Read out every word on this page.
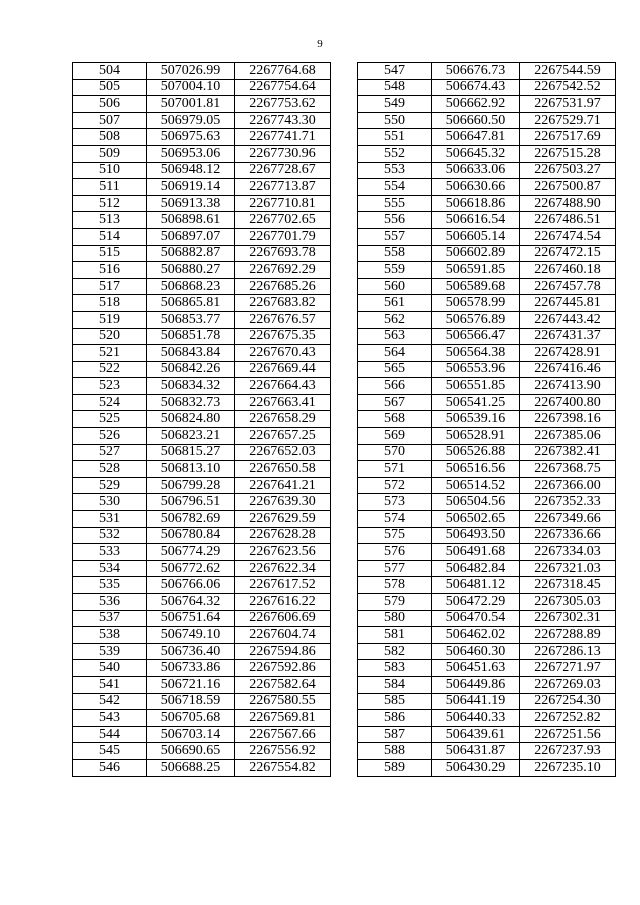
9
504	507026.99	2267764.68
505	507004.10	2267754.64
506	507001.81	2267753.62
507	506979.05	2267743.30
508	506975.63	2267741.71
509	506953.06	2267730.96
510	506948.12	2267728.67
511	506919.14	2267713.87
512	506913.38	2267710.81
513	506898.61	2267702.65
514	506897.07	2267701.79
515	506882.87	2267693.78
516	506880.27	2267692.29
517	506868.23	2267685.26
518	506865.81	2267683.82
519	506853.77	2267676.57
520	506851.78	2267675.35
521	506843.84	2267670.43
522	506842.26	2267669.44
523	506834.32	2267664.43
524	506832.73	2267663.41
525	506824.80	2267658.29
526	506823.21	2267657.25
527	506815.27	2267652.03
528	506813.10	2267650.58
529	506799.28	2267641.21
530	506796.51	2267639.30
531	506782.69	2267629.59
532	506780.84	2267628.28
533	506774.29	2267623.56
534	506772.62	2267622.34
535	506766.06	2267617.52
536	506764.32	2267616.22
537	506751.64	2267606.69
538	506749.10	2267604.74
539	506736.40	2267594.86
540	506733.86	2267592.86
541	506721.16	2267582.64
542	506718.59	2267580.55
543	506705.68	2267569.81
544	506703.14	2267567.66
545	506690.65	2267556.92
546	506688.25	2267554.82
547	506676.73	2267544.59
548	506674.43	2267542.52
549	506662.92	2267531.97
550	506660.50	2267529.71
551	506647.81	2267517.69
552	506645.32	2267515.28
553	506633.06	2267503.27
554	506630.66	2267500.87
555	506618.86	2267488.90
556	506616.54	2267486.51
557	506605.14	2267474.54
558	506602.89	2267472.15
559	506591.85	2267460.18
560	506589.68	2267457.78
561	506578.99	2267445.81
562	506576.89	2267443.42
563	506566.47	2267431.37
564	506564.38	2267428.91
565	506553.96	2267416.46
566	506551.85	2267413.90
567	506541.25	2267400.80
568	506539.16	2267398.16
569	506528.91	2267385.06
570	506526.88	2267382.41
571	506516.56	2267368.75
572	506514.52	2267366.00
573	506504.56	2267352.33
574	506502.65	2267349.66
575	506493.50	2267336.66
576	506491.68	2267334.03
577	506482.84	2267321.03
578	506481.12	2267318.45
579	506472.29	2267305.03
580	506470.54	2267302.31
581	506462.02	2267288.89
582	506460.30	2267286.13
583	506451.63	2267271.97
584	506449.86	2267269.03
585	506441.19	2267254.30
586	506440.33	2267252.82
587	506439.61	2267251.56
588	506431.87	2267237.93
589	506430.29	2267235.10
